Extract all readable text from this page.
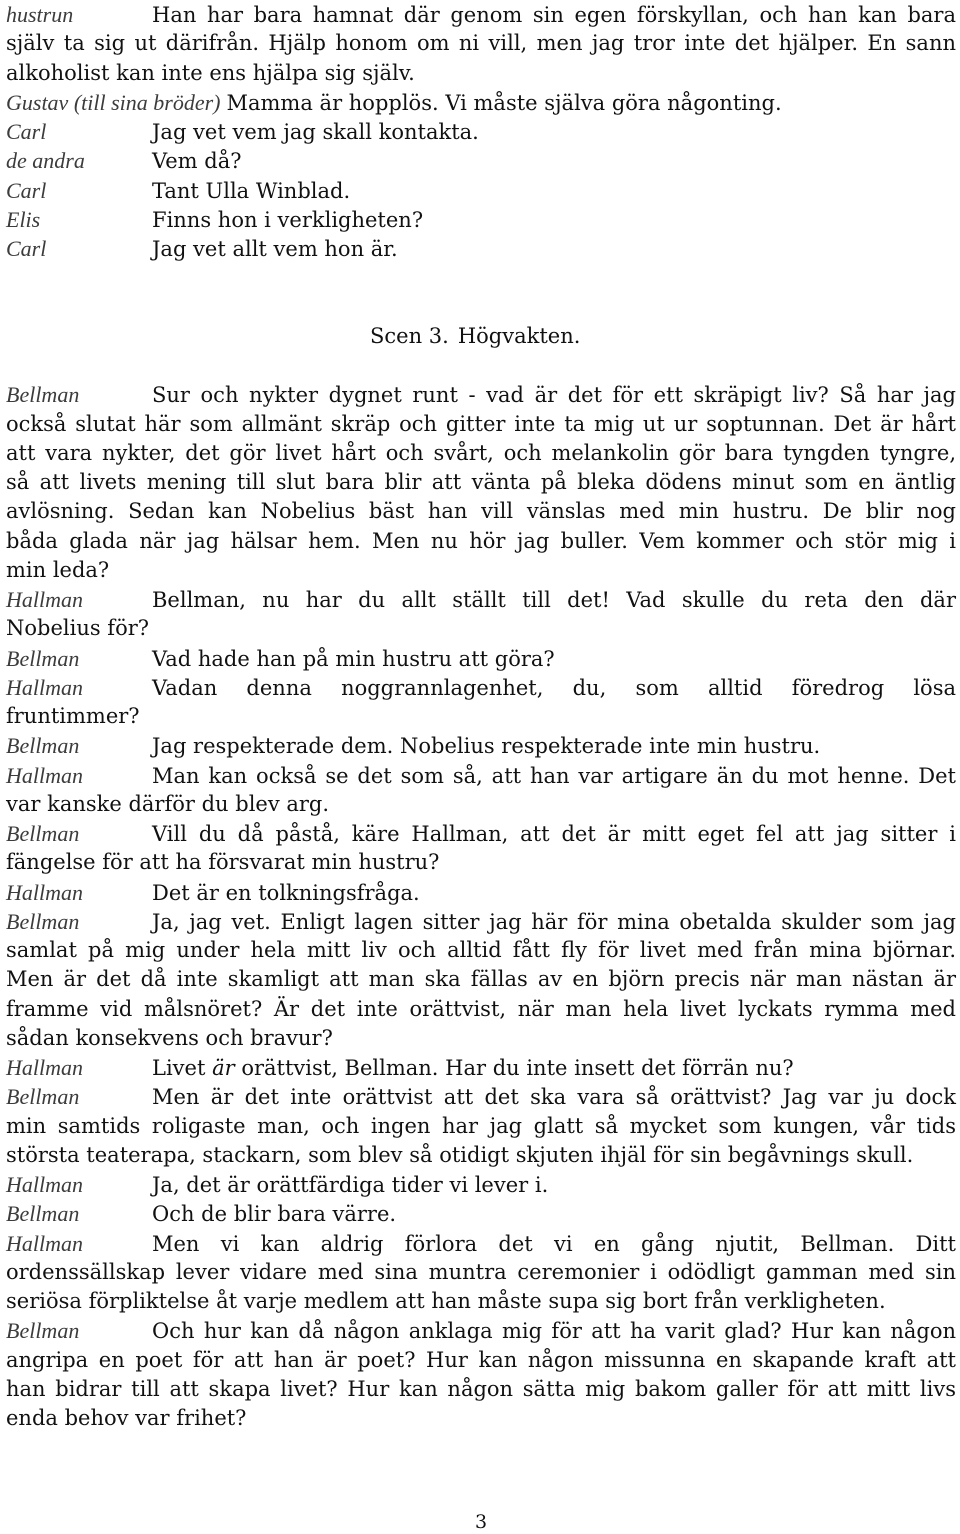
hustrun	Han har bara hamnat där genom sin egen förskyllan, och han kan bara
själv ta sig ut därifrån. Hjälp honom om ni vill, men jag tror inte det hjälper. En sann
alkoholist kan inte ens hjälpa sig själv.
Gustav (till sina bröder) Mamma är hopplös. Vi måste själva göra någonting.
Carl	Jag vet vem jag skall kontakta.
de andra	Vem då?
Carl	Tant Ulla Winblad.
Elis	Finns hon i verkligheten?
Carl	Jag vet allt vem hon är.
Scen 3. Högvakten.
Bellman	Sur och nykter dygnet runt - vad är det för ett skräpigt liv? Så har jag
också slutat här som allmänt skräp och gitter inte ta mig ut ur soptunnan. Det är hårt
att vara nykter, det gör livet hårt och svårt, och melankolin gör bara tyngden tyngre,
så att livets mening till slut bara blir att vänta på bleka dödens minut som en äntlig
avlösning. Sedan kan Nobelius bäst han vill vänslas med min hustru. De blir nog
båda glada när jag hälsar hem. Men nu hör jag buller. Vem kommer och stör mig i
min leda?
Hallman	Bellman, nu har du allt ställt till det! Vad skulle du reta den där
Nobelius för?
Bellman	Vad hade han på min hustru att göra?
Hallman	Vadan denna noggrannlagenhet, du, som alltid föredrog lösa
fruntimmer?
Bellman	Jag respekterade dem. Nobelius respekterade inte min hustru.
Hallman	Man kan också se det som så, att han var artigare än du mot henne. Det
var kanske därför du blev arg.
Bellman	Vill du då påstå, käre Hallman, att det är mitt eget fel att jag sitter i
fängelse för att ha försvarat min hustru?
Hallman	Det är en tolkningsfråga.
Bellman	Ja, jag vet. Enligt lagen sitter jag här för mina obetalda skulder som jag
samlat på mig under hela mitt liv och alltid fått fly för livet med från mina björnar.
Men är det då inte skamligt att man ska fällas av en björn precis när man nästan är
framme vid målsnöret? Är det inte orättvist, när man hela livet lyckats rymma med
sådan konsekvens och bravur?
Hallman	Livet är orättvist, Bellman. Har du inte insett det förrän nu?
Bellman	Men är det inte orättvist att det ska vara så orättvist? Jag var ju dock
min samtids roligaste man, och ingen har jag glatt så mycket som kungen, vår tids
största teaterapa, stackarn, som blev så otidigt skjuten ihjäl för sin begåvnings skull.
Hallman	Ja, det är orättfärdiga tider vi lever i.
Bellman	Och de blir bara värre.
Hallman	Men vi kan aldrig förlora det vi en gång njutit, Bellman. Ditt
ordenssällskap lever vidare med sina muntra ceremonier i odödligt gamman med sin
seriösa förpliktelse åt varje medlem att han måste supa sig bort från verkligheten.
Bellman	Och hur kan då någon anklaga mig för att ha varit glad? Hur kan någon
angripa en poet för att han är poet? Hur kan någon missunna en skapande kraft att
han bidrar till att skapa livet? Hur kan någon sätta mig bakom galler för att mitt livs
enda behov var frihet?
3
